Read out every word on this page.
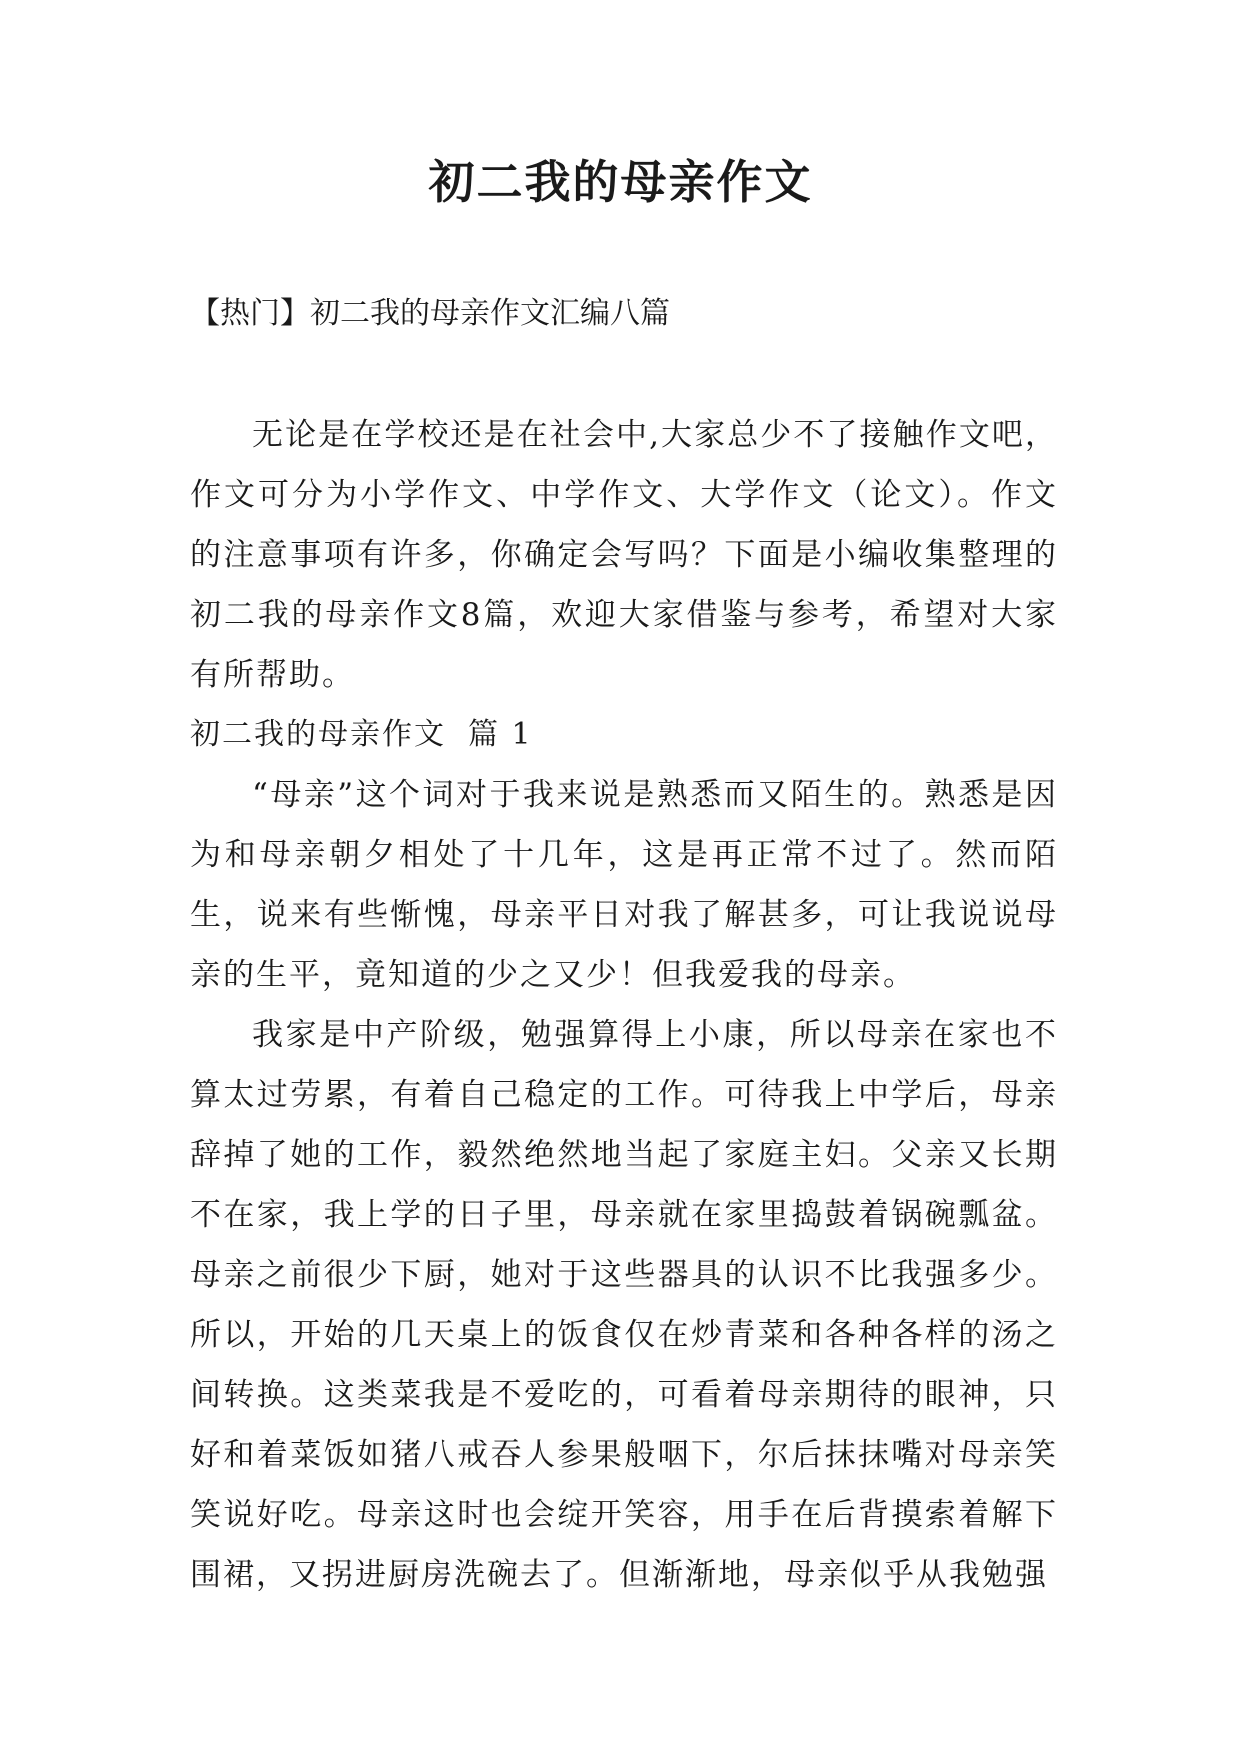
初二我的母亲作文

【热门】初二我的母亲作文汇编八篇

无论是在学校还是在社会中,大家总少不了接触作文吧，作文可分为小学作文、中学作文、大学作文（论文）。作文的注意事项有许多，你确定会写吗？下面是小编收集整理的初二我的母亲作文8篇，欢迎大家借鉴与参考，希望对大家有所帮助。

初二我的母亲作文 篇 1

“母亲”这个词对于我来说是熟悉而又陌生的。熟悉是因为和母亲朝夕相处了十几年，这是再正常不过了。然而陌生，说来有些惭愧，母亲平日对我了解甚多，可让我说说母亲的生平，竟知道的少之又少！但我爱我的母亲。

我家是中产阶级，勉强算得上小康，所以母亲在家也不算太过劳累，有着自己稳定的工作。可待我上中学后，母亲辞掉了她的工作，毅然绝然地当起了家庭主妇。父亲又长期不在家，我上学的日子里，母亲就在家里捣鼓着锅碗瓢盆。母亲之前很少下厨，她对于这些器具的认识不比我强多少。所以，开始的几天桌上的饭食仅在炒青菜和各种各样的汤之间转换。这类菜我是不爱吃的，可看着母亲期待的眼神，只好和着菜饭如猪八戒吞人参果般咽下，尔后抹抹嘴对母亲笑笑说好吃。母亲这时也会绽开笑容，用手在后背摸索着解下围裙，又拐进厨房洗碗去了。但渐渐地，母亲似乎从我勉强
